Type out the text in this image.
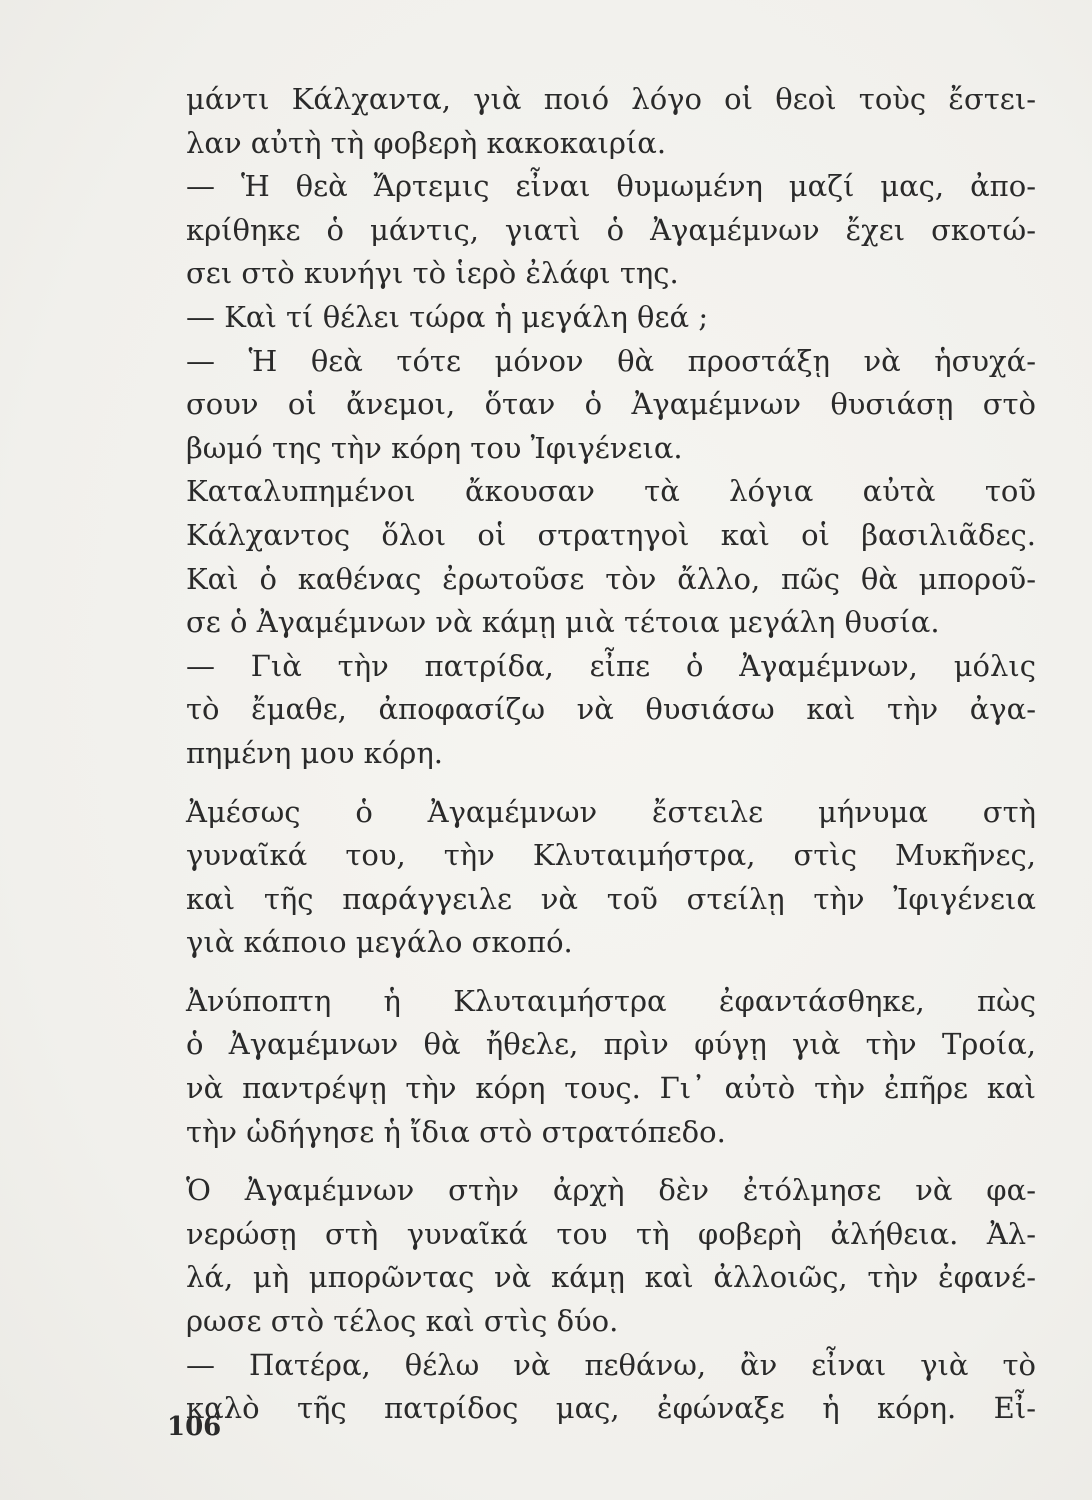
μάντι Κάλχαντα, γιὰ ποιό λόγο οἱ θεοὶ τοὺς ἔστει-
λαν αὐτὴ τὴ φοβερὴ κακοκαιρία.
— Ἡ θεὰ Ἄρτεμις εἶναι θυμωμένη μαζί μας, ἀπο-
κρίθηκε ὁ μάντις, γιατὶ ὁ Ἀγαμέμνων ἔχει σκοτώ-
σει στὸ κυνήγι τὸ ἱερὸ ἐλάφι της.
— Καὶ τί θέλει τώρα ἡ μεγάλη θεά ;
— Ἡ θεὰ τότε μόνον θὰ προστάξῃ νὰ ἡσυχά-
σουν οἱ ἄνεμοι, ὅταν ὁ Ἀγαμέμνων θυσιάσῃ στὸ
βωμό της τὴν κόρη του Ἰφιγένεια.
Καταλυπημένοι ἄκουσαν τὰ λόγια αὐτὰ τοῦ
Κάλχαντος ὅλοι οἱ στρατηγοὶ καὶ οἱ βασιλιᾶδες.
Καὶ ὁ καθένας ἐρωτοῦσε τὸν ἄλλο, πῶς θὰ μποροῦ-
σε ὁ Ἀγαμέμνων νὰ κάμῃ μιὰ τέτοια μεγάλη θυσία.
— Γιὰ τὴν πατρίδα, εἶπε ὁ Ἀγαμέμνων, μόλις
τὸ ἔμαθε, ἀποφασίζω νὰ θυσιάσω καὶ τὴν ἀγα-
πημένη μου κόρη.
Ἀμέσως ὁ Ἀγαμέμνων ἔστειλε μήνυμα στὴ
γυναῖκά του, τὴν Κλυταιμήστρα, στὶς Μυκῆνες,
καὶ τῆς παράγγειλε νὰ τοῦ στείλῃ τὴν Ἰφιγένεια
γιὰ κάποιο μεγάλο σκοπό.
Ἀνύποπτη ἡ Κλυταιμήστρα ἐφαντάσθηκε, πὼς
ὁ Ἀγαμέμνων θὰ ἤθελε, πρὶν φύγῃ γιὰ τὴν Τροία,
νὰ παντρέψῃ τὴν κόρη τους. Γι᾽ αὐτὸ τὴν ἐπῆρε καὶ
τὴν ὡδήγησε ἡ ἴδια στὸ στρατόπεδο.
Ὁ Ἀγαμέμνων στὴν ἀρχὴ δὲν ἐτόλμησε νὰ φα-
νερώσῃ στὴ γυναῖκά του τὴ φοβερὴ ἀλήθεια. Ἀλ-
λά, μὴ μπορῶντας νὰ κάμῃ καὶ ἀλλοιῶς, τὴν ἐφανέ-
ρωσε στὸ τέλος καὶ στὶς δύο.
— Πατέρα, θέλω νὰ πεθάνω, ἂν εἶναι γιὰ τὸ
καλὸ τῆς πατρίδος μας, ἐφώναξε ἡ κόρη. Εἶ-
106
